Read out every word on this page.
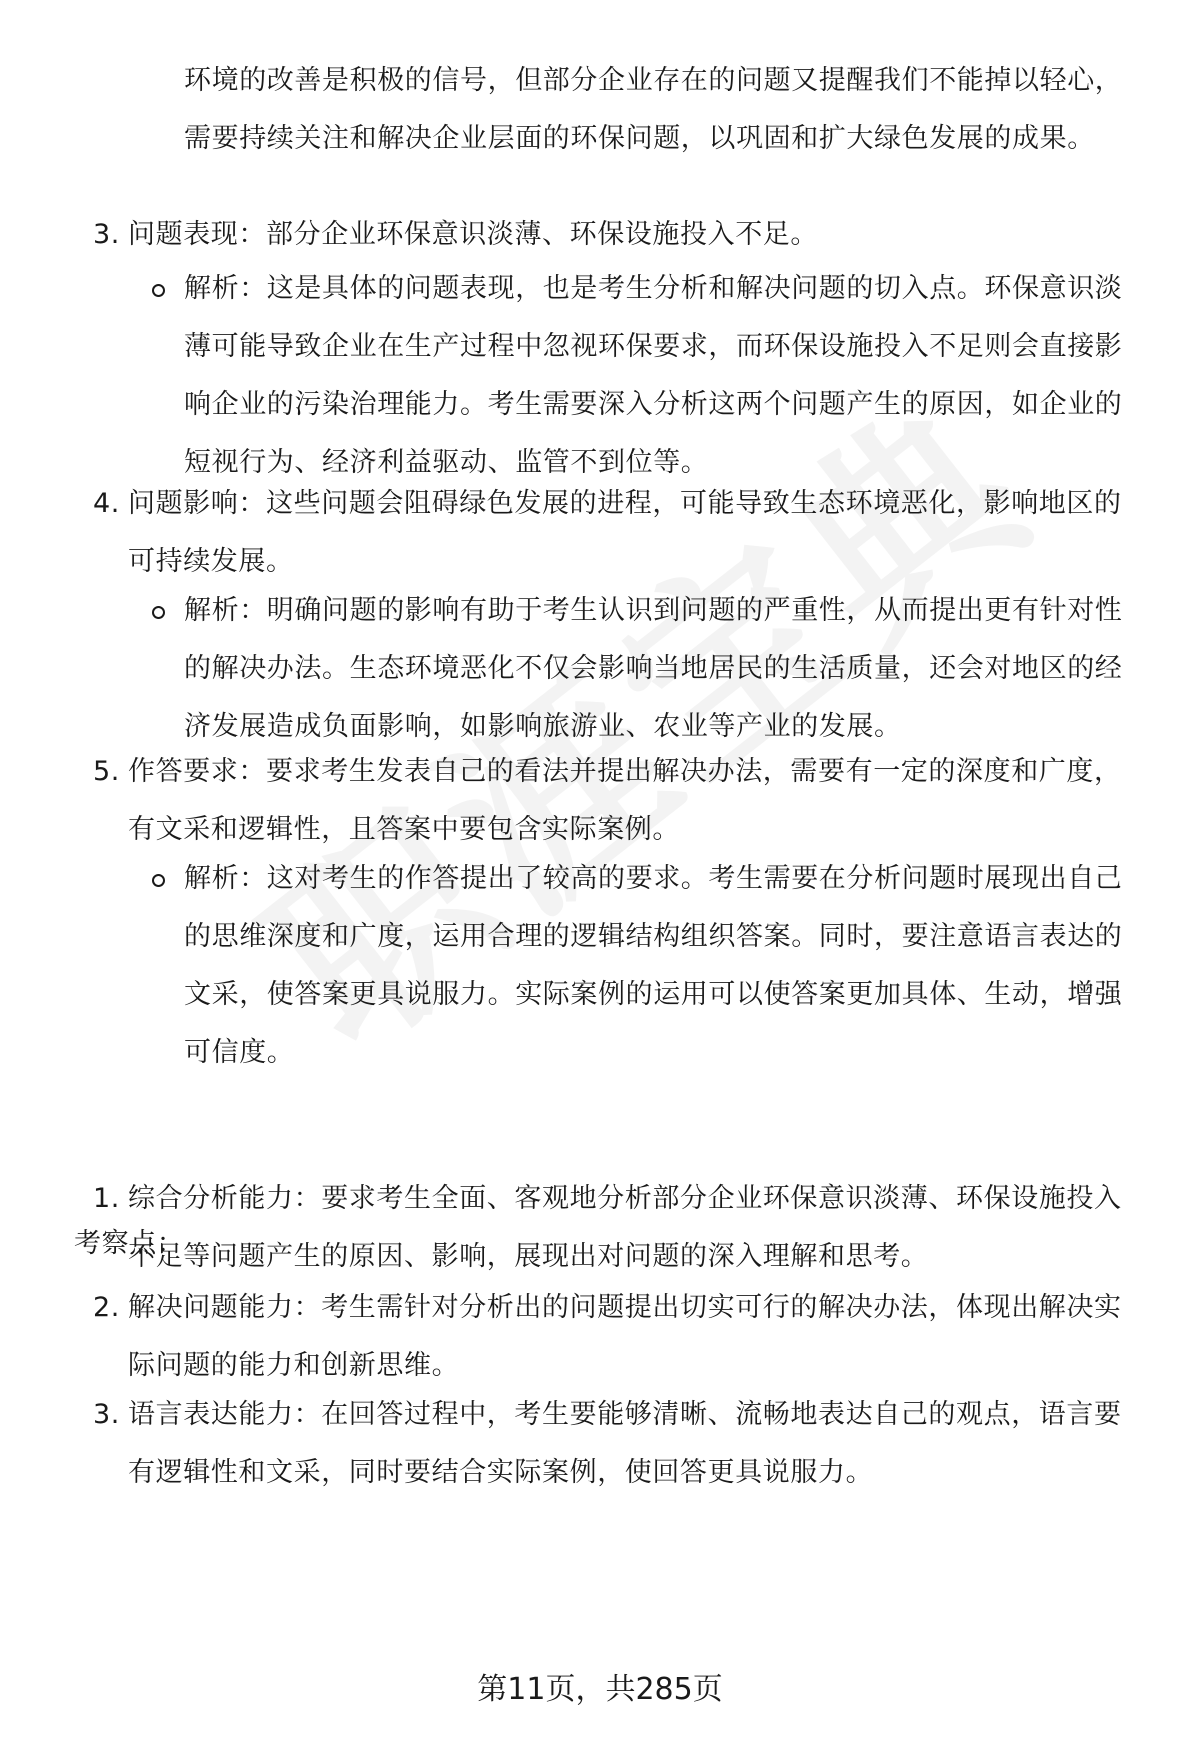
环境的改善是积极的信号，但部分企业存在的问题又提醒我们不能掉以轻心，需要持续关注和解决企业层面的环保问题，以巩固和扩大绿色发展的成果。
3. 问题表现：部分企业环保意识淡薄、环保设施投入不足。
解析：这是具体的问题表现，也是考生分析和解决问题的切入点。环保意识淡薄可能导致企业在生产过程中忽视环保要求，而环保设施投入不足则会直接影响企业的污染治理能力。考生需要深入分析这两个问题产生的原因，如企业的短视行为、经济利益驱动、监管不到位等。
4. 问题影响：这些问题会阻碍绿色发展的进程，可能导致生态环境恶化，影响地区的可持续发展。
解析：明确问题的影响有助于考生认识到问题的严重性，从而提出更有针对性的解决办法。生态环境恶化不仅会影响当地居民的生活质量，还会对地区的经济发展造成负面影响，如影响旅游业、农业等产业的发展。
5. 作答要求：要求考生发表自己的看法并提出解决办法，需要有一定的深度和广度，有文采和逻辑性，且答案中要包含实际案例。
解析：这对考生的作答提出了较高的要求。考生需要在分析问题时展现出自己的思维深度和广度，运用合理的逻辑结构组织答案。同时，要注意语言表达的文采，使答案更具说服力。实际案例的运用可以使答案更加具体、生动，增强可信度。
考察点：
1. 综合分析能力：要求考生全面、客观地分析部分企业环保意识淡薄、环保设施投入不足等问题产生的原因、影响，展现出对问题的深入理解和思考。
2. 解决问题能力：考生需针对分析出的问题提出切实可行的解决办法，体现出解决实际问题的能力和创新思维。
3. 语言表达能力：在回答过程中，考生要能够清晰、流畅地表达自己的观点，语言要有逻辑性和文采，同时要结合实际案例，使回答更具说服力。
第11页，共285页
